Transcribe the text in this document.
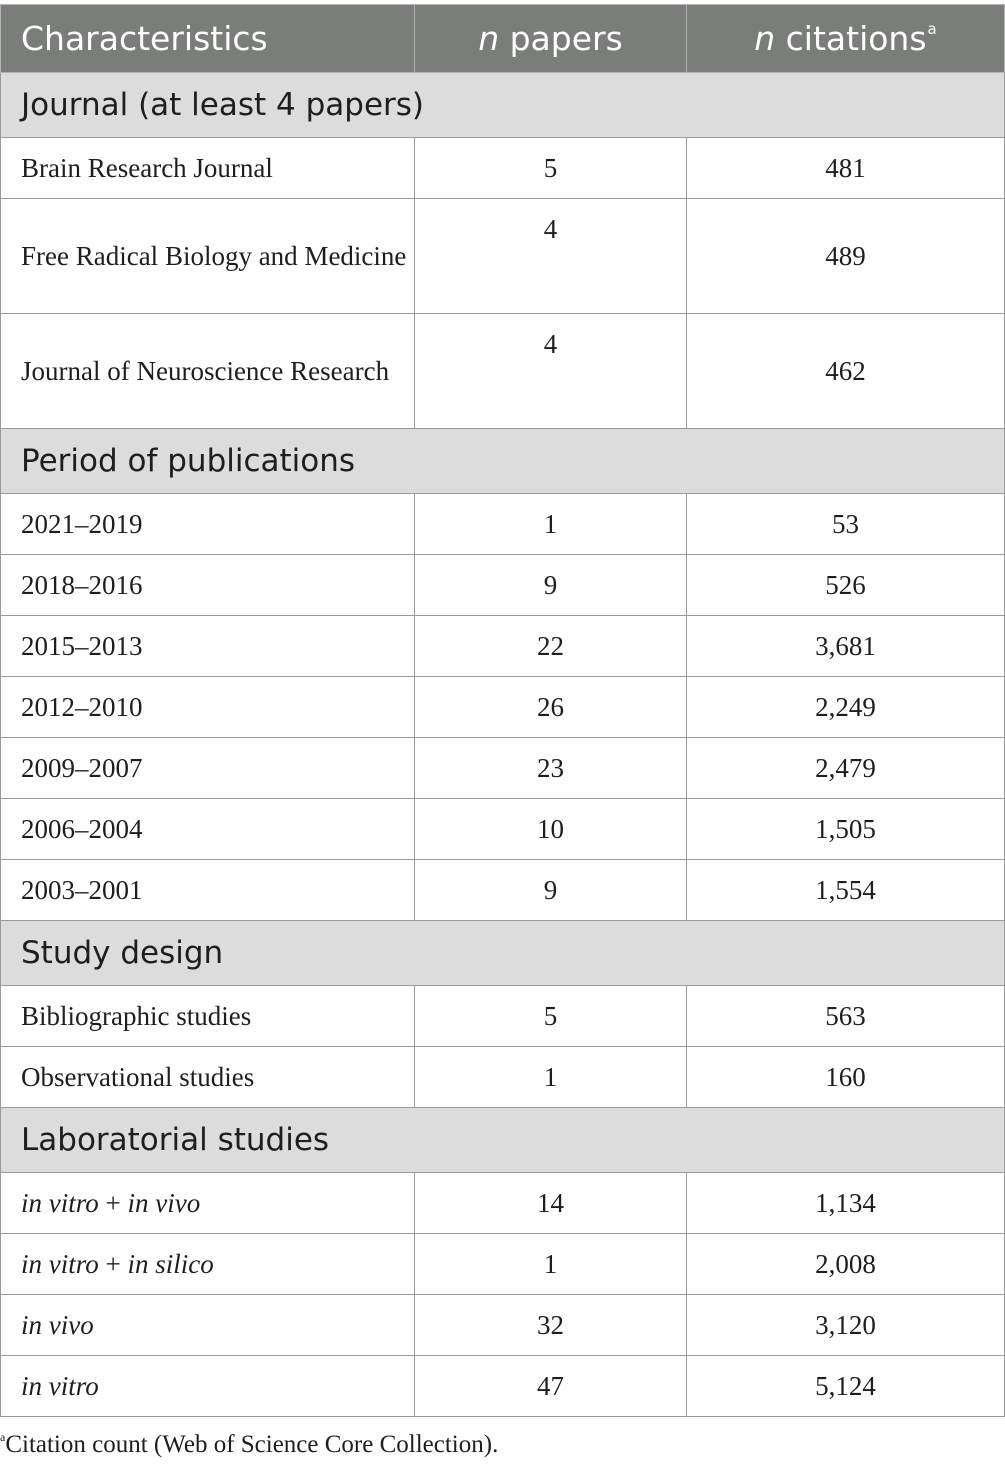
Characteristics	n papers	n citations$^a$
Journal (at least 4 papers)		
Brain Research Journal	5	481
Free Radical Biology and Medicine	4	489
Journal of Neuroscience Research	4	462
Period of publications		
2021–2019	1	53
2018–2016	9	526
2015–2013	22	3,681
2012–2010	26	2,249
2009–2007	23	2,479
2006–2004	10	1,505
2003–2001	9	1,554
Study design		
Bibliographic studies	5	563
Observational studies	1	160
Laboratorial studies		
in vitro + in vivo	14	1,134
in vitro + in silico	1	2,008
in vivo	32	3,120
in vitro	47	5,124
$^a$Citation count (Web of Science Core Collection).
